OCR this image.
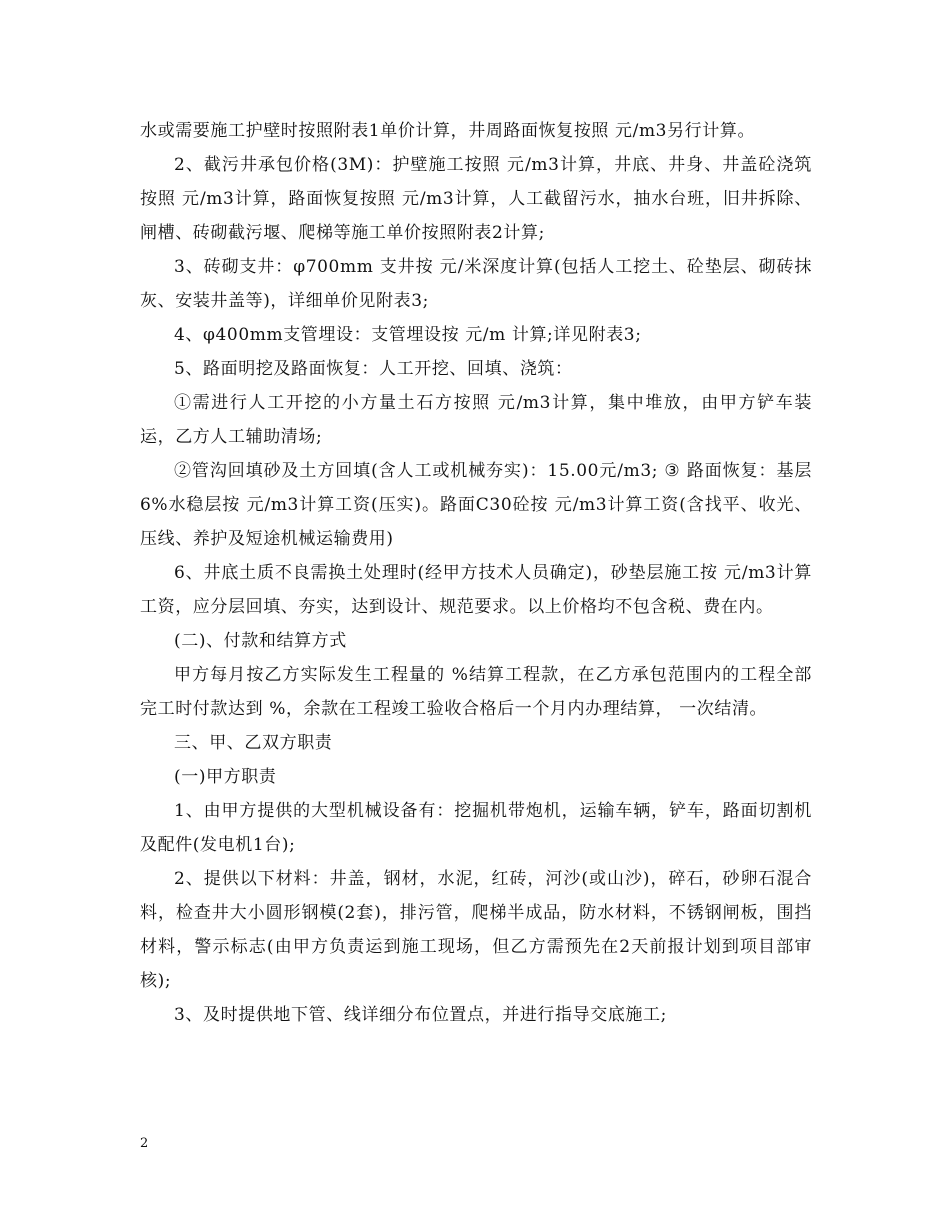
水或需要施工护壁时按照附表1单价计算，井周路面恢复按照 元/m3另行计算。

2、截污井承包价格(3M)：护壁施工按照 元/m3计算，井底、井身、井盖砼浇筑按照 元/m3计算，路面恢复按照 元/m3计算，人工截留污水，抽水台班，旧井拆除、闸槽、砖砌截污堰、爬梯等施工单价按照附表2计算;

3、砖砌支井：φ700mm 支井按 元/米深度计算(包括人工挖土、砼垫层、砌砖抹灰、安装井盖等)，详细单价见附表3;

4、φ400mm支管埋设：支管埋设按 元/m 计算;详见附表3;

5、路面明挖及路面恢复：人工开挖、回填、浇筑：

①需进行人工开挖的小方量土石方按照 元/m3计算，集中堆放，由甲方铲车装运，乙方人工辅助清场;

②管沟回填砂及土方回填(含人工或机械夯实)：15.00元/m3; ③ 路面恢复：基层6%水稳层按 元/m3计算工资(压实)。路面C30砼按 元/m3计算工资(含找平、收光、压线、养护及短途机械运输费用)

6、井底土质不良需换土处理时(经甲方技术人员确定)，砂垫层施工按 元/m3计算工资，应分层回填、夯实，达到设计、规范要求。以上价格均不包含税、费在内。

(二)、付款和结算方式

甲方每月按乙方实际发生工程量的 %结算工程款，在乙方承包范围内的工程全部完工时付款达到 %，余款在工程竣工验收合格后一个月内办理结算， 一次结清。

三、甲、乙双方职责

(一)甲方职责

1、由甲方提供的大型机械设备有：挖掘机带炮机，运输车辆，铲车，路面切割机及配件(发电机1台);

2、提供以下材料：井盖，钢材，水泥，红砖，河沙(或山沙)，碎石，砂卵石混合料，检查井大小圆形钢模(2套)，排污管，爬梯半成品，防水材料，不锈钢闸板，围挡材料，警示标志(由甲方负责运到施工现场，但乙方需预先在2天前报计划到项目部审核);

3、及时提供地下管、线详细分布位置点，并进行指导交底施工;

2
